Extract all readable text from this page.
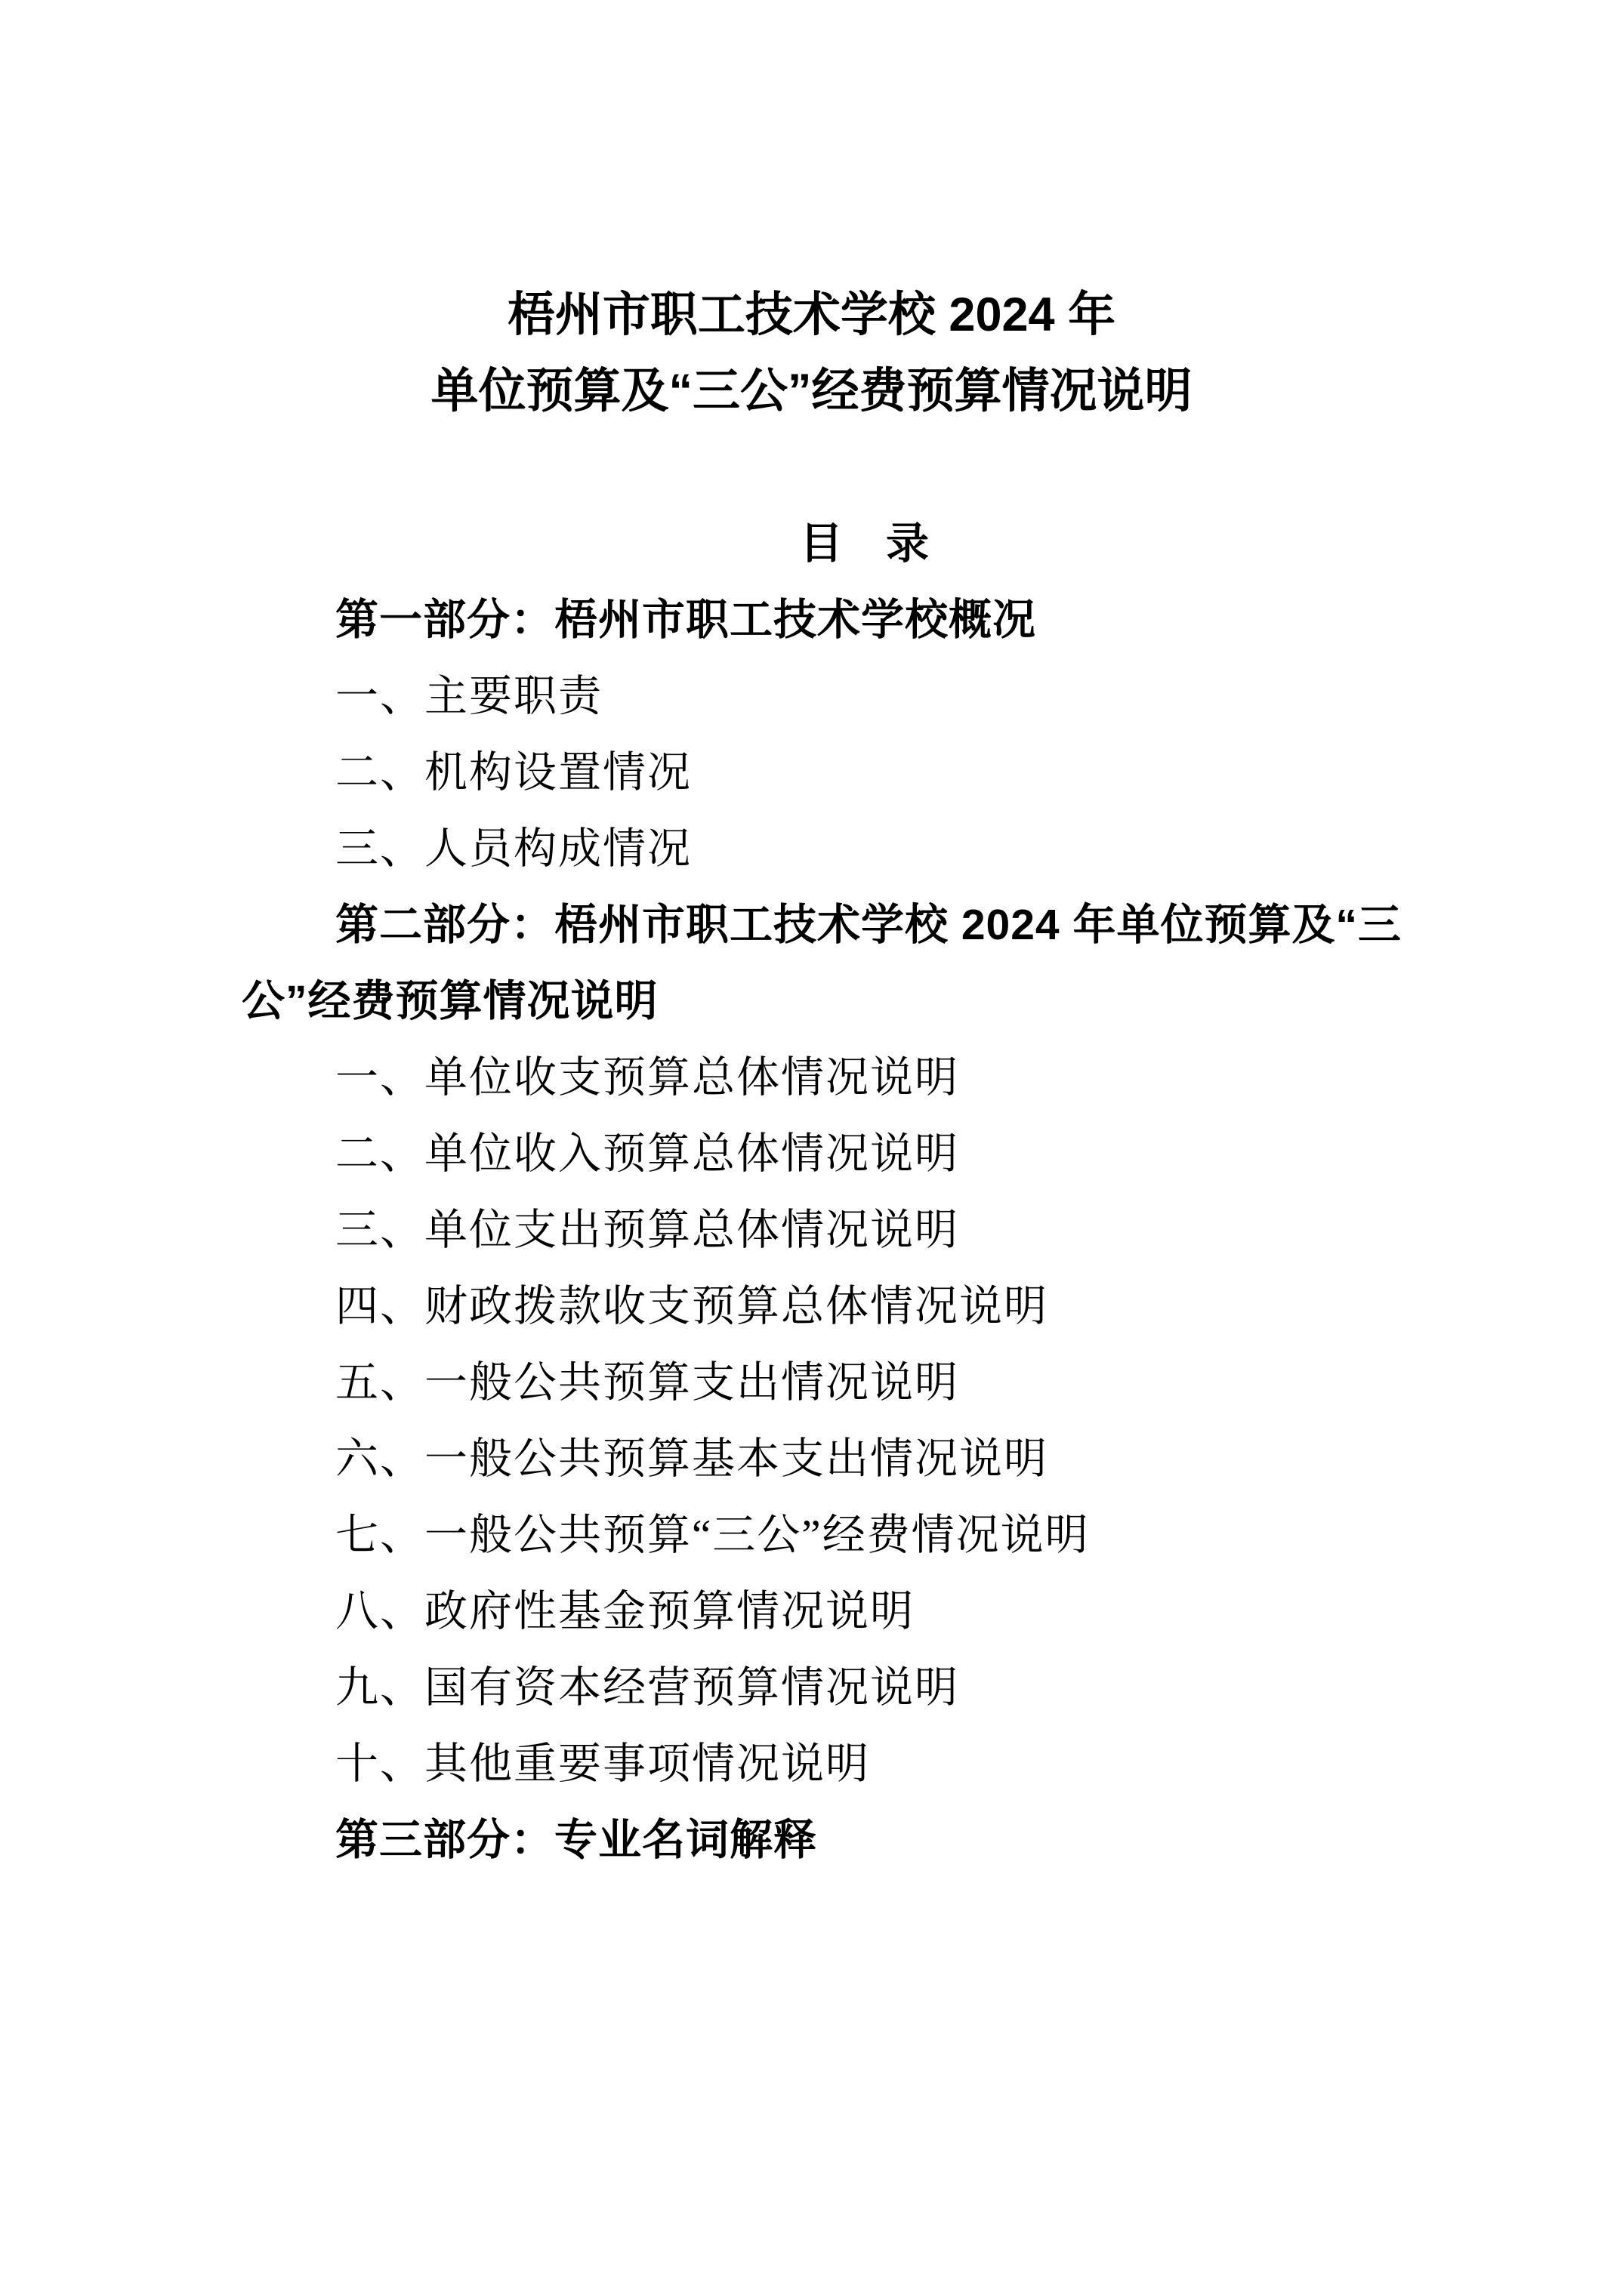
梧州市职工技术学校 2024 年
单位预算及“三公”经费预算情况说明
目　录
第一部分：梧州市职工技术学校概况
一、主要职责
二、机构设置情况
三、人员构成情况
第二部分：梧州市职工技术学校 2024 年单位预算及“三
公”经费预算情况说明
一、单位收支预算总体情况说明
二、单位收入预算总体情况说明
三、单位支出预算总体情况说明
四、财政拨款收支预算总体情况说明
五、一般公共预算支出情况说明
六、一般公共预算基本支出情况说明
七、一般公共预算“三公”经费情况说明
八、政府性基金预算情况说明
九、国有资本经营预算情况说明
十、其他重要事项情况说明
第三部分：专业名词解释
